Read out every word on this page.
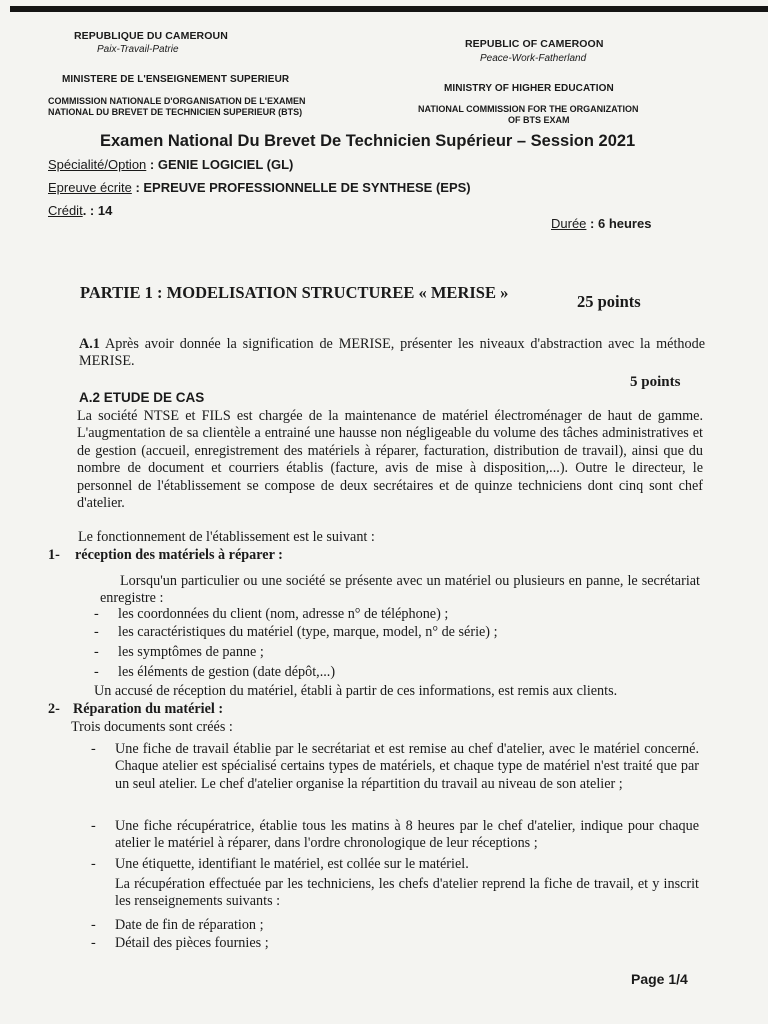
REPUBLIQUE DU CAMEROUN
Paix-Travail-Patrie
MINISTERE DE L'ENSEIGNEMENT SUPERIEUR
COMMISSION NATIONALE D'ORGANISATION DE L'EXAMEN NATIONAL DU BREVET DE TECHNICIEN SUPERIEUR (BTS)
REPUBLIC OF CAMEROON
Peace-Work-Fatherland
MINISTRY OF HIGHER EDUCATION
NATIONAL COMMISSION FOR THE ORGANIZATION
OF BTS EXAM
Examen National Du Brevet De Technicien Supérieur – Session 2021
Spécialité/Option : GENIE LOGICIEL (GL)
Epreuve écrite : EPREUVE PROFESSIONNELLE DE SYNTHESE (EPS)
Crédit. : 14
Durée : 6 heures
PARTIE 1 : MODELISATION STRUCTUREE « MERISE »	25 points
A.1 Après avoir donnée la signification de MERISE, présenter les niveaux d'abstraction avec la méthode MERISE.
5 points
A.2 ETUDE DE CAS
La société NTSE et FILS est chargée de la maintenance de matériel électroménager de haut de gamme. L'augmentation de sa clientèle a entrainé une hausse non négligeable du volume des tâches administratives et de gestion (accueil, enregistrement des matériels à réparer, facturation, distribution de travail), ainsi que du nombre de document et courriers établis (facture, avis de mise à disposition,...). Outre le directeur, le personnel de l'établissement se compose de deux secrétaires et de quinze techniciens dont cinq sont chef d'atelier.
Le fonctionnement de l'établissement est le suivant :
1- réception des matériels à réparer :
Lorsqu'un particulier ou une société se présente avec un matériel ou plusieurs en panne, le secrétariat enregistre :
-	les coordonnées du client (nom, adresse n° de téléphone) ;
-	les caractéristiques du matériel (type, marque, model, n° de série) ;
-	les symptômes de panne ;
-	les éléments de gestion (date dépôt,...)
Un accusé de réception du matériel, établi à partir de ces informations, est remis aux clients.
2- Réparation du matériel :
Trois documents sont créés :
-	Une fiche de travail établie par le secrétariat et est remise au chef d'atelier, avec le matériel concerné. Chaque atelier est spécialisé certains types de matériels, et chaque type de matériel n'est traité que par un seul atelier. Le chef d'atelier organise la répartition du travail au niveau de son atelier ;
-	Une fiche récupératrice, établie tous les matins à 8 heures par le chef d'atelier, indique pour chaque atelier le matériel à réparer, dans l'ordre chronologique de leur réceptions ;
-	Une étiquette, identifiant le matériel, est collée sur le matériel.
La récupération effectuée par les techniciens, les chefs d'atelier reprend la fiche de travail, et y inscrit les renseignements suivants :
-	Date de fin de réparation ;
-	Détail des pièces fournies ;
Page 1/4
